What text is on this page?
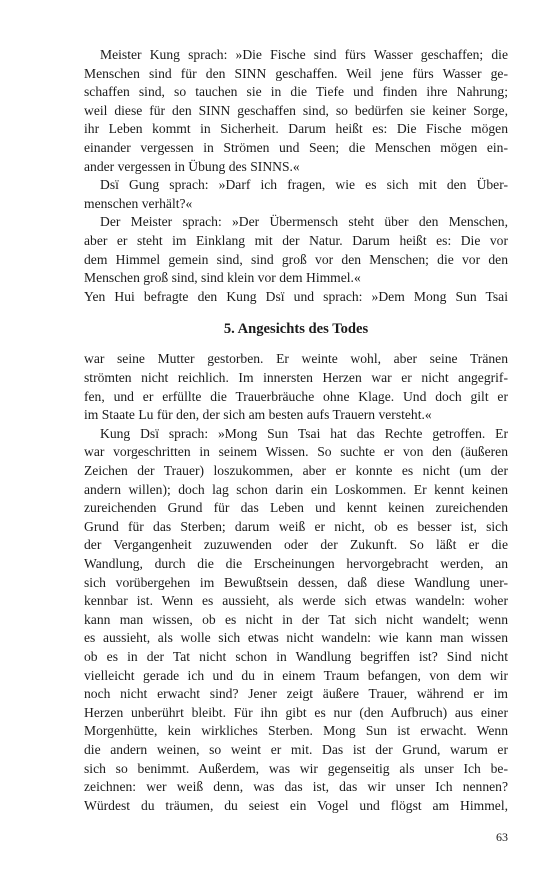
Meister Kung sprach: »Die Fische sind fürs Wasser geschaffen; die
Menschen sind für den SINN geschaffen. Weil jene fürs Wasser ge-
schaffen sind, so tauchen sie in die Tiefe und finden ihre Nahrung;
weil diese für den SINN geschaffen sind, so bedürfen sie keiner Sorge,
ihr Leben kommt in Sicherheit. Darum heißt es: Die Fische mögen
einander vergessen in Strömen und Seen; die Menschen mögen ein-
ander vergessen in Übung des SINNS.«
Dsï Gung sprach: »Darf ich fragen, wie es sich mit den Über-
menschen verhält?«
Der Meister sprach: »Der Übermensch steht über den Menschen,
aber er steht im Einklang mit der Natur. Darum heißt es: Die vor
dem Himmel gemein sind, sind groß vor den Menschen; die vor den
Menschen groß sind, sind klein vor dem Himmel.«
5. Angesichts des Todes
Yen Hui befragte den Kung Dsï und sprach: »Dem Mong Sun Tsai
war seine Mutter gestorben. Er weinte wohl, aber seine Tränen
strömten nicht reichlich. Im innersten Herzen war er nicht angegrif-
fen, und er erfüllte die Trauerbräuche ohne Klage. Und doch gilt er
im Staate Lu für den, der sich am besten aufs Trauern versteht.«
Kung Dsï sprach: »Mong Sun Tsai hat das Rechte getroffen. Er
war vorgeschritten in seinem Wissen. So suchte er von den (äußeren
Zeichen der Trauer) loszukommen, aber er konnte es nicht (um der
andern willen); doch lag schon darin ein Loskommen. Er kennt keinen
zureichenden Grund für das Leben und kennt keinen zureichenden
Grund für das Sterben; darum weiß er nicht, ob es besser ist, sich
der Vergangenheit zuzuwenden oder der Zukunft. So läßt er die
Wandlung, durch die die Erscheinungen hervorgebracht werden, an
sich vorübergehen im Bewußtsein dessen, daß diese Wandlung uner-
kennbar ist. Wenn es aussieht, als werde sich etwas wandeln: woher
kann man wissen, ob es nicht in der Tat sich nicht wandelt; wenn
es aussieht, als wolle sich etwas nicht wandeln: wie kann man wissen
ob es in der Tat nicht schon in Wandlung begriffen ist? Sind nicht
vielleicht gerade ich und du in einem Traum befangen, von dem wir
noch nicht erwacht sind? Jener zeigt äußere Trauer, während er im
Herzen unberührt bleibt. Für ihn gibt es nur (den Aufbruch) aus einer
Morgenhütte, kein wirkliches Sterben. Mong Sun ist erwacht. Wenn
die andern weinen, so weint er mit. Das ist der Grund, warum er
sich so benimmt. Außerdem, was wir gegenseitig als unser Ich be-
zeichnen: wer weiß denn, was das ist, das wir unser Ich nennen?
Würdest du träumen, du seiest ein Vogel und flögst am Himmel,
63
